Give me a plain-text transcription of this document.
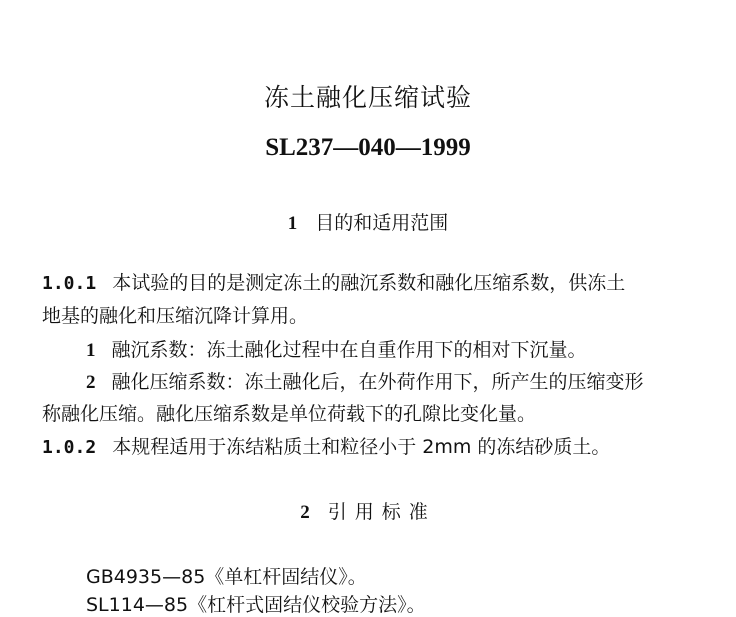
冻土融化压缩试验
SL237—040—1999
1 目的和适用范围
1.0.1 本试验的目的是测定冻土的融沉系数和融化压缩系数，供冻土
地基的融化和压缩沉降计算用。
1 融沉系数：冻土融化过程中在自重作用下的相对下沉量。
2 融化压缩系数：冻土融化后，在外荷作用下，所产生的压缩变形
称融化压缩。融化压缩系数是单位荷载下的孔隙比变化量。
1.0.2 本规程适用于冻结粘质土和粒径小于 2mm 的冻结砂质土。
2 引用标准
GB4935—85《单杠杆固结仪》。
SL114—85《杠杆式固结仪校验方法》。
